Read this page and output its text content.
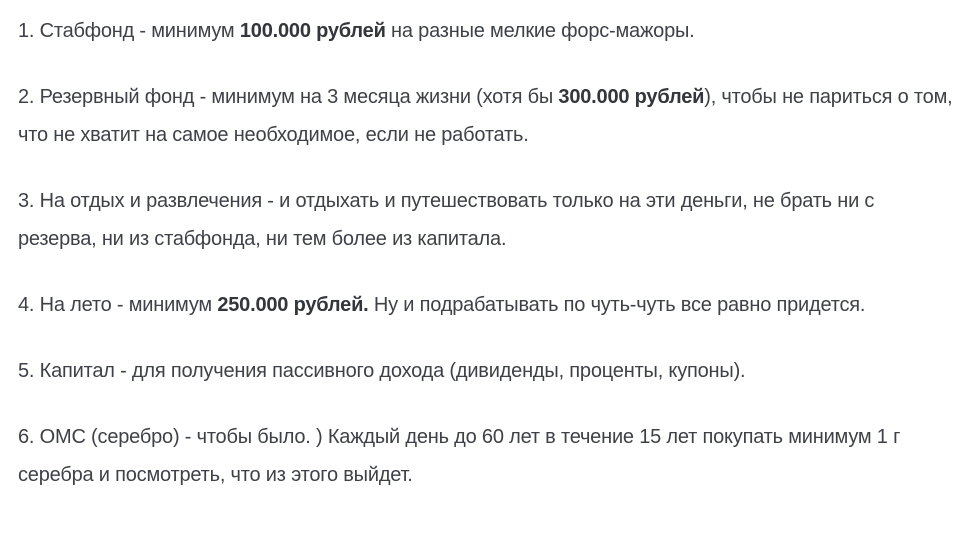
1. Стабфонд - минимум 100.000 рублей на разные мелкие форс-мажоры.

2. Резервный фонд - минимум на 3 месяца жизни (хотя бы 300.000 рублей), чтобы не париться о том, что не хватит на самое необходимое, если не работать.

3. На отдых и развлечения - и отдыхать и путешествовать только на эти деньги, не брать ни с резерва, ни из стабфонда, ни тем более из капитала.

4. На лето - минимум 250.000 рублей. Ну и подрабатывать по чуть-чуть все равно придется.

5. Капитал - для получения пассивного дохода (дивиденды, проценты, купоны).

6. ОМС (серебро) - чтобы было. ) Каждый день до 60 лет в течение 15 лет покупать минимум 1 г серебра и посмотреть, что из этого выйдет.
